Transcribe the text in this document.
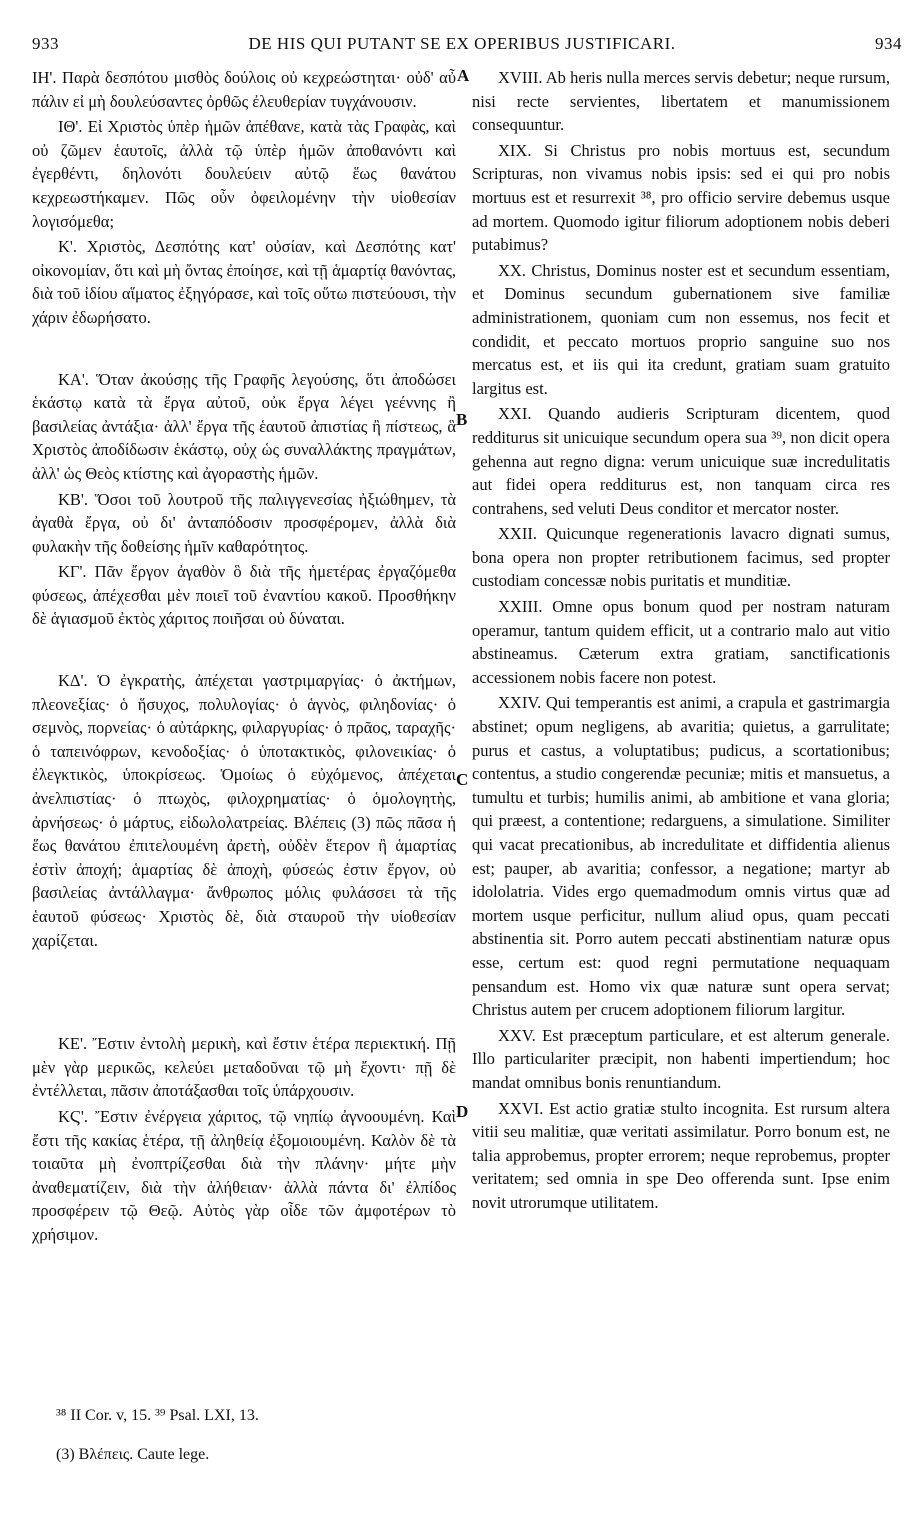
933	DE HIS QUI PUTANT SE EX OPERIBUS JUSTIFICARI.	934

ΙΗ'. Παρὰ δεσπότου μισθὸς δούλοις οὐ κεχρεώστηται· οὐδ' αὖ πάλιν εἰ μὴ δουλεύσαντες ὀρθῶς ἐλευθερίαν τυγχάνουσιν.

ΙΘ'. Εἰ Χριστὸς ὑπὲρ ἡμῶν ἀπέθανε, κατὰ τὰς Γραφὰς, καὶ οὐ ζῶμεν ἑαυτοῖς, ἀλλὰ τῷ ὑπὲρ ἡμῶν ἀποθανόντι καὶ ἐγερθέντι, δηλονότι δουλεύειν αὐτῷ ἕως θανάτου κεχρεωστήκαμεν. Πῶς οὖν ὀφειλομένην τὴν υἱοθεσίαν λογισόμεθα;

Κ'. Χριστὸς, Δεσπότης κατ' οὐσίαν, καὶ Δεσπότης κατ' οἰκονομίαν, ὅτι καὶ μὴ ὄντας ἐποίησε, καὶ τῇ ἁμαρτίᾳ θανόντας, διὰ τοῦ ἰδίου αἵματος ἐξηγόρασε, καὶ τοῖς οὕτω πιστεύουσι, τὴν χάριν ἐδωρήσατο.

ΚΑ'. Ὅταν ἀκούσῃς τῆς Γραφῆς λεγούσης, ὅτι ἀποδώσει ἑκάστῳ κατὰ τὰ ἔργα αὐτοῦ, οὐκ ἔργα λέγει γεέννης ἢ βασιλείας ἀντάξια· ἀλλ' ἔργα τῆς ἑαυτοῦ ἀπιστίας ἢ πίστεως, ἃ Χριστὸς ἀποδίδωσιν ἑκάστῳ, οὐχ ὡς συναλλάκτης πραγμάτων, ἀλλ' ὡς Θεὸς κτίστης καὶ ἀγοραστὴς ἡμῶν.

ΚΒ'. Ὅσοι τοῦ λουτροῦ τῆς παλιγγενεσίας ἠξιώθημεν, τὰ ἀγαθὰ ἔργα, οὐ δι' ἀνταπόδοσιν προσφέρομεν, ἀλλὰ διὰ φυλακὴν τῆς δοθείσης ἡμῖν καθαρότητος.

ΚΓ'. Πᾶν ἔργον ἀγαθὸν ὃ διὰ τῆς ἡμετέρας ἐργαζόμεθα φύσεως, ἀπέχεσθαι μὲν ποιεῖ τοῦ ἐναντίου κακοῦ. Προσθήκην δὲ ἁγιασμοῦ ἐκτὸς χάριτος ποιῆσαι οὐ δύναται.

ΚΔ'. Ὁ ἐγκρατὴς, ἀπέχεται γαστριμαργίας· ὁ ἀκτήμων, πλεονεξίας· ὁ ἥσυχος, πολυλογίας· ὁ ἁγνὸς, φιληδονίας· ὁ σεμνὸς, πορνείας· ὁ αὐτάρκης, φιλαργυρίας· ὁ πρᾶος, ταραχῆς· ὁ ταπεινόφρων, κενοδοξίας· ὁ ὑποτακτικὸς, φιλονεικίας· ὁ ἐλεγκτικὸς, ὑποκρίσεως. Ὁμοίως ὁ εὐχόμενος, ἀπέχεται ἀνελπιστίας· ὁ πτωχὸς, φιλοχρηματίας· ὁ ὁμολογητὴς, ἀρνήσεως· ὁ μάρτυς, εἰδωλολατρείας. Βλέπεις (3) πῶς πᾶσα ἡ ἕως θανάτου ἐπιτελουμένη ἀρετὴ, οὐδὲν ἕτερον ἢ ἁμαρτίας ἐστὶν ἀποχή; ἁμαρτίας δὲ ἀποχὴ, φύσεώς ἐστιν ἔργον, οὐ βασιλείας ἀντάλλαγμα· ἄνθρωπος μόλις φυλάσσει τὰ τῆς ἑαυτοῦ φύσεως· Χριστὸς δὲ, διὰ σταυροῦ τὴν υἱοθεσίαν χαρίζεται.

ΚΕ'. Ἔστιν ἐντολὴ μερικὴ, καὶ ἔστιν ἑτέρα περιεκτική. Πῇ μὲν γὰρ μερικῶς, κελεύει μεταδοῦναι τῷ μὴ ἔχοντι· πῇ δὲ ἐντέλλεται, πᾶσιν ἀποτάξασθαι τοῖς ὑπάρχουσιν.

ΚϚ'. Ἔστιν ἐνέργεια χάριτος, τῷ νηπίῳ ἀγνοουμένη. Καὶ ἔστι τῆς κακίας ἑτέρα, τῇ ἀληθείᾳ ἐξομοιουμένη. Καλὸν δὲ τὰ τοιαῦτα μὴ ἐνοπτρίζεσθαι διὰ τὴν πλάνην· μήτε μὴν ἀναθεματίζειν, διὰ τὴν ἀλήθειαν· ἀλλὰ πάντα δι' ἐλπίδος προσφέρειν τῷ Θεῷ. Αὐτὸς γὰρ οἶδε τῶν ἀμφοτέρων τὸ χρήσιμον.

XVIII. Ab heris nulla merces servis debetur; neque rursum, nisi recte servientes, libertatem et manumissionem consequuntur.

XIX. Si Christus pro nobis mortuus est, secundum Scripturas, non vivamus nobis ipsis: sed ei qui pro nobis mortuus est et resurrexit ³⁸, pro officio servire debemus usque ad mortem. Quomodo igitur filiorum adoptionem nobis deberi putabimus?

XX. Christus, Dominus noster est et secundum essentiam, et Dominus secundum gubernationem sive familiæ administrationem, quoniam cum non essemus, nos fecit et condidit, et peccato mortuos proprio sanguine suo nos mercatus est, et iis qui ita credunt, gratiam suam gratuito largitus est.

XXI. Quando audieris Scripturam dicentem, quod redditurus sit unicuique secundum opera sua ³⁹, non dicit opera gehenna aut regno digna: verum unicuique suæ incredulitatis aut fidei opera redditurus est, non tanquam circa res contrahens, sed veluti Deus conditor et mercator noster.

XXII. Quicunque regenerationis lavacro dignati sumus, bona opera non propter retributionem facimus, sed propter custodiam concessæ nobis puritatis et munditiæ.

XXIII. Omne opus bonum quod per nostram naturam operamur, tantum quidem efficit, ut a contrario malo aut vitio abstineamus. Cæterum extra gratiam, sanctificationis accessionem nobis facere non potest.

XXIV. Qui temperantis est animi, a crapula et gastrimargia abstinet; opum negligens, ab avaritia; quietus, a garrulitate; purus et castus, a voluptatibus; pudicus, a scortationibus; contentus, a studio congerendæ pecuniæ; mitis et mansuetus, a tumultu et turbis; humilis animi, ab ambitione et vana gloria; qui præest, a contentione; redarguens, a simulatione. Similiter qui vacat precationibus, ab incredulitate et diffidentia alienus est; pauper, ab avaritia; confessor, a negatione; martyr ab idololatria. Vides ergo quemadmodum omnis virtus quæ ad mortem usque perficitur, nullum aliud opus, quam peccati abstinentia sit. Porro autem peccati abstinentiam naturæ opus esse, certum est: quod regni permutatione nequaquam pensandum est. Homo vix quæ naturæ sunt opera servat; Christus autem per crucem adoptionem filiorum largitur.

XXV. Est præceptum particulare, et est alterum generale. Illo particulariter præcipit, non habenti impertiendum; hoc mandat omnibus bonis renuntiandum.

XXVI. Est actio gratiæ stulto incognita. Est rursum altera vitii seu malitiæ, quæ veritati assimilatur. Porro bonum est, ne talia approbemus, propter errorem; neque reprobemus, propter veritatem; sed omnia in spe Deo offerenda sunt. Ipse enim novit utrorumque utilitatem.

A
B
C
D

³⁸ II Cor. v, 15. ³⁹ Psal. LXI, 13.

(3) Βλέπεις. Caute lege.
